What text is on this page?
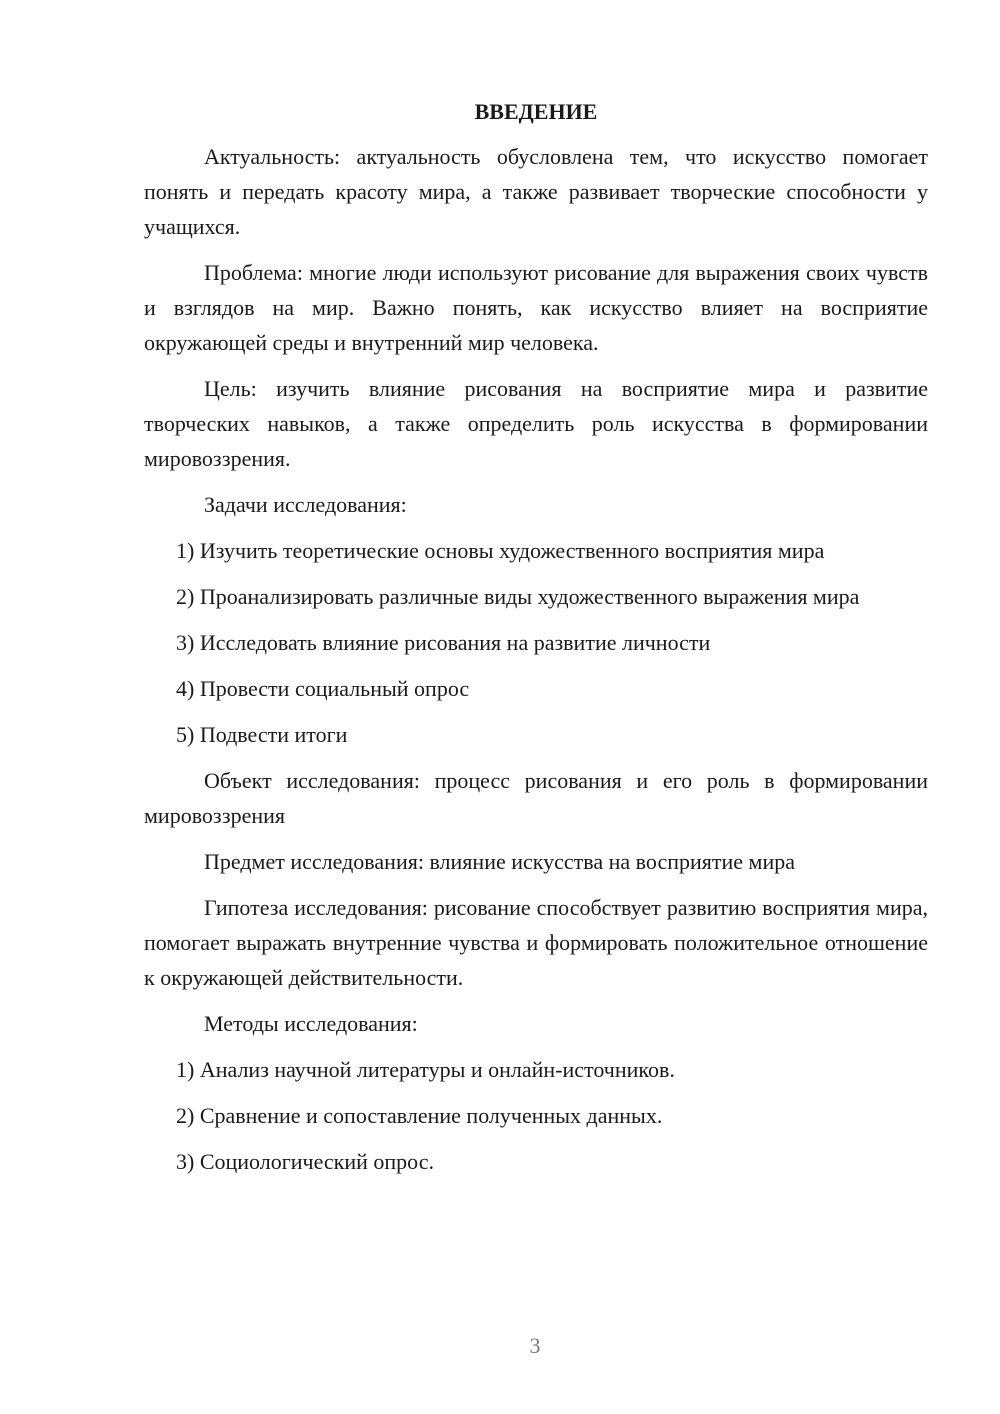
ВВЕДЕНИЕ

Актуальность: актуальность обусловлена тем, что искусство помогает понять и передать красоту мира, а также развивает творческие способности у учащихся.

Проблема: многие люди используют рисование для выражения своих чувств и взглядов на мир. Важно понять, как искусство влияет на восприятие окружающей среды и внутренний мир человека.

Цель: изучить влияние рисования на восприятие мира и развитие творческих навыков, а также определить роль искусства в формировании мировоззрения.

Задачи исследования:

1) Изучить теоретические основы художественного восприятия мира

2) Проанализировать различные виды художественного выражения мира

3) Исследовать влияние рисования на развитие личности

4) Провести социальный опрос

5) Подвести итоги

Объект исследования: процесс рисования и его роль в формировании мировоззрения

Предмет исследования: влияние искусства на восприятие мира

Гипотеза исследования: рисование способствует развитию восприятия мира, помогает выражать внутренние чувства и формировать положительное отношение к окружающей действительности.

Методы исследования:

1) Анализ научной литературы и онлайн-источников.

2) Сравнение и сопоставление полученных данных.

3) Социологический опрос.

3
